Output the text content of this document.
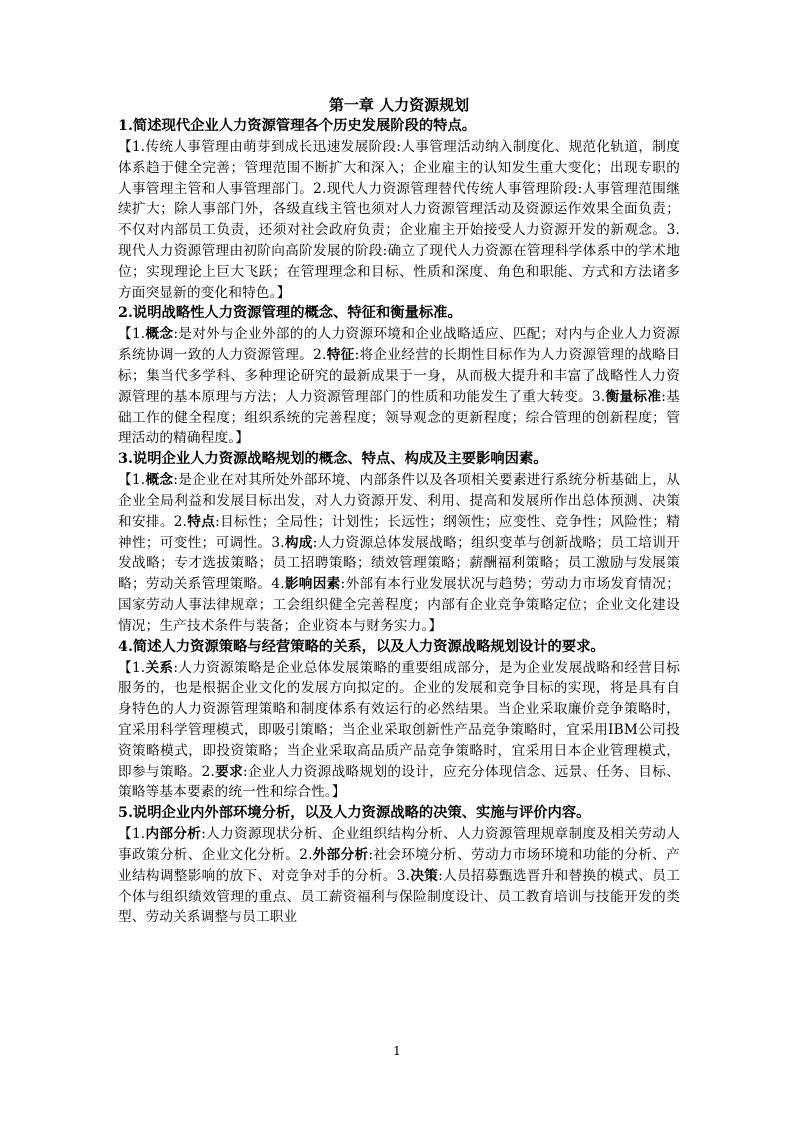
第一章 人力资源规划

1.简述现代企业人力资源管理各个历史发展阶段的特点。

【1.传统人事管理由萌芽到成长迅速发展阶段:人事管理活动纳入制度化、规范化轨道，制度体系趋于健全完善；管理范围不断扩大和深入；企业雇主的认知发生重大变化；出现专职的人事管理主管和人事管理部门。2.现代人力资源管理替代传统人事管理阶段:人事管理范围继续扩大；除人事部门外，各级直线主管也须对人力资源管理活动及资源运作效果全面负责；不仅对内部员工负责，还须对社会政府负责；企业雇主开始接受人力资源开发的新观念。3.现代人力资源管理由初阶向高阶发展的阶段:确立了现代人力资源在管理科学体系中的学术地位；实现理论上巨大飞跃；在管理理念和目标、性质和深度、角色和职能、方式和方法诸多方面突显新的变化和特色。】

2.说明战略性人力资源管理的概念、特征和衡量标准。

【1.概念:是对外与企业外部的的人力资源环境和企业战略适应、匹配；对内与企业人力资源系统协调一致的人力资源管理。2.特征:将企业经营的长期性目标作为人力资源管理的战略目标；集当代多学科、多种理论研究的最新成果于一身，从而极大提升和丰富了战略性人力资源管理的基本原理与方法；人力资源管理部门的性质和功能发生了重大转变。3.衡量标准:基础工作的健全程度；组织系统的完善程度；领导观念的更新程度；综合管理的创新程度；管理活动的精确程度。】

3.说明企业人力资源战略规划的概念、特点、构成及主要影响因素。

【1.概念:是企业在对其所处外部环境、内部条件以及各项相关要素进行系统分析基础上，从企业全局利益和发展目标出发，对人力资源开发、利用、提高和发展所作出总体预测、决策和安排。2.特点:目标性；全局性；计划性；长远性；纲领性；应变性、竞争性；风险性；精神性；可变性；可调性。3.构成:人力资源总体发展战略；组织变革与创新战略；员工培训开发战略；专才选拔策略；员工招聘策略；绩效管理策略；薪酬福利策略；员工激励与发展策略；劳动关系管理策略。4.影响因素:外部有本行业发展状况与趋势；劳动力市场发育情况；国家劳动人事法律规章；工会组织健全完善程度；内部有企业竞争策略定位；企业文化建设情况；生产技术条件与装备；企业资本与财务实力。】

4.简述人力资源策略与经营策略的关系，以及人力资源战略规划设计的要求。

【1.关系:人力资源策略是企业总体发展策略的重要组成部分，是为企业发展战略和经营目标服务的，也是根据企业文化的发展方向拟定的。企业的发展和竞争目标的实现，将是具有自身特色的人力资源管理策略和制度体系有效运行的必然结果。当企业采取廉价竞争策略时，宜采用科学管理模式，即吸引策略；当企业采取创新性产品竞争策略时，宜采用IBM公司投资策略模式，即投资策略；当企业采取高品质产品竞争策略时，宜采用日本企业管理模式，即参与策略。2.要求:企业人力资源战略规划的设计，应充分体现信念、远景、任务、目标、策略等基本要素的统一性和综合性。】

5.说明企业内外部环境分析，以及人力资源战略的决策、实施与评价内容。

【1.内部分析:人力资源现状分析、企业组织结构分析、人力资源管理规章制度及相关劳动人事政策分析、企业文化分析。2.外部分析:社会环境分析、劳动力市场环境和功能的分析、产业结构调整影响的放下、对竞争对手的分析。3.决策:人员招募甄选晋升和替换的模式、员工个体与组织绩效管理的重点、员工薪资福利与保险制度设计、员工教育培训与技能开发的类型、劳动关系调整与员工职业

1
